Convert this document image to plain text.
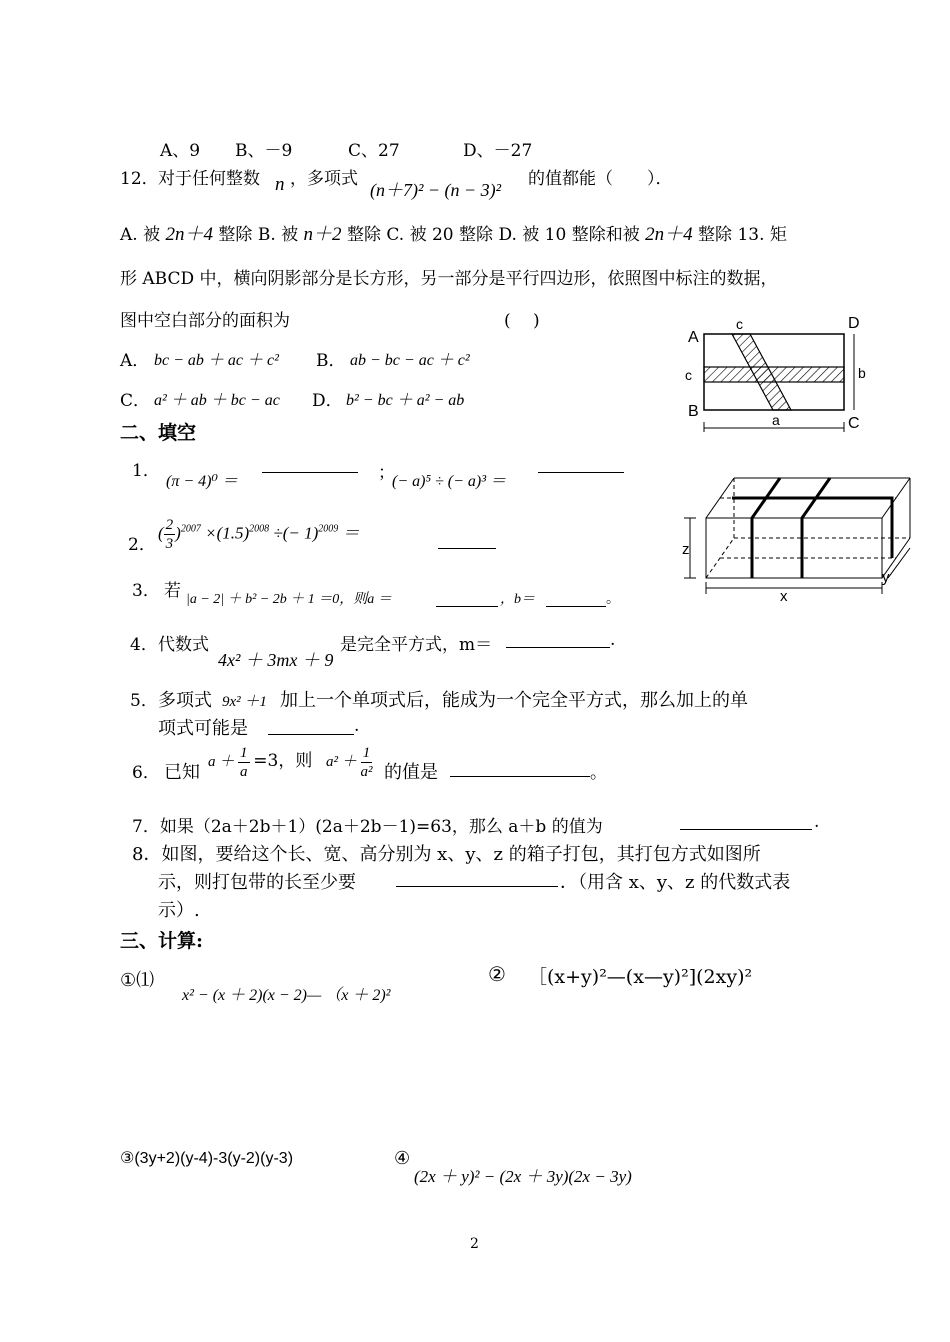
A、9 B、－9	C、27	D、－27
12． 对于任何整数 n ，多项式
(n＋7)² − (n − 3)²
的值都能（　　）．
A. 被 2n＋4 整除 B. 被 n＋2 整除 C. 被 20 整除 D. 被 10 整除和被 2n＋4 整除 13. 矩
形 ABCD 中，横向阴影部分是长方形，另一部分是平行四边形，依照图中标注的数据，
图中空白部分的面积为	(　 )
A． bc − ab ＋ ac ＋ c² B． ab − bc − ac ＋ c²
C． a² ＋ ab ＋ bc − ac D． b² − bc ＋ a² − ab
A
B
D
C
c
c	b
a
二、填空
1．
(π − 4)⁰ ＝	；
(− a)⁵ ÷ (− a)³ ＝
2．
( $\frac{2}{3} )^{2007} \times(1.5)^{2008}$ ÷(− 1)$^{2009}$ ＝
3． 若 |a − 2| ＋ b² − 2b ＋ 1 ＝0，则a ＝	，b＝	。
4． 代数式
4x² ＋ 3mx ＋ 9
是完全平方式，m＝	.
5． 多项式 9x² ＋1 加上一个单项式后，能成为一个完全平方式，那么加上的单
项式可能是	.
6． 已知
$a + \frac{1}{a} =3$，则 $a^2 + \frac{1}{\text{a²}}$ 的值是	。
7．如果（2a＋2b＋1）(2a＋2b－1)=63，那么 a＋b 的值为	.
8．如图，要给这个长、宽、高分别为 x、y、z 的箱子打包，其打包方式如图所
示，则打包带的长至少要	．（用含 x、y、z 的代数式表
示）.
x
z
y
三、计算:
①⑴
x² − (x ＋ 2)(x − 2)— （x ＋ 2)²
② ［(x+y)²—(x—y)²](2xy)²
③(3y+2)(y-4)-3(y-2)(y-3)	④
(2x ＋ y)² − (2x ＋ 3y)(2x − 3y)
2
